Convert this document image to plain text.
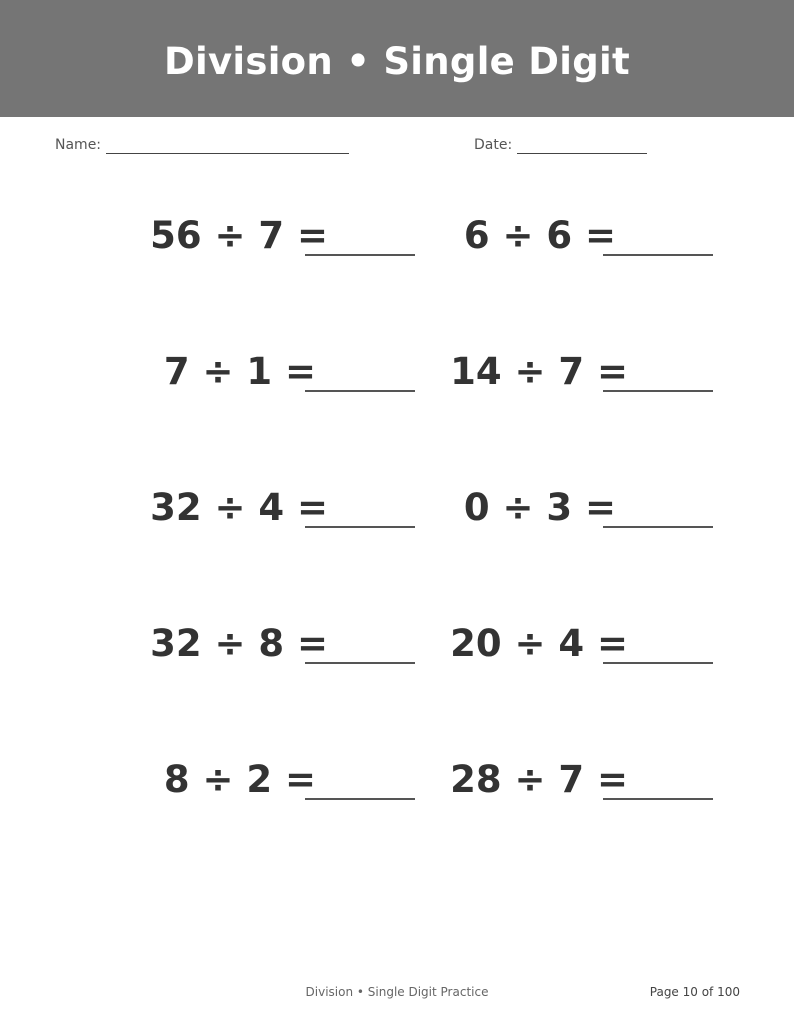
Division • Single Digit
Name:	Date:
56 ÷ 7 =	6 ÷ 6 =
7 ÷ 1 =	14 ÷ 7 =
32 ÷ 4 =	0 ÷ 3 =
32 ÷ 8 =	20 ÷ 4 =
8 ÷ 2 =	28 ÷ 7 =
Division • Single Digit Practice	Page 10 of 100
